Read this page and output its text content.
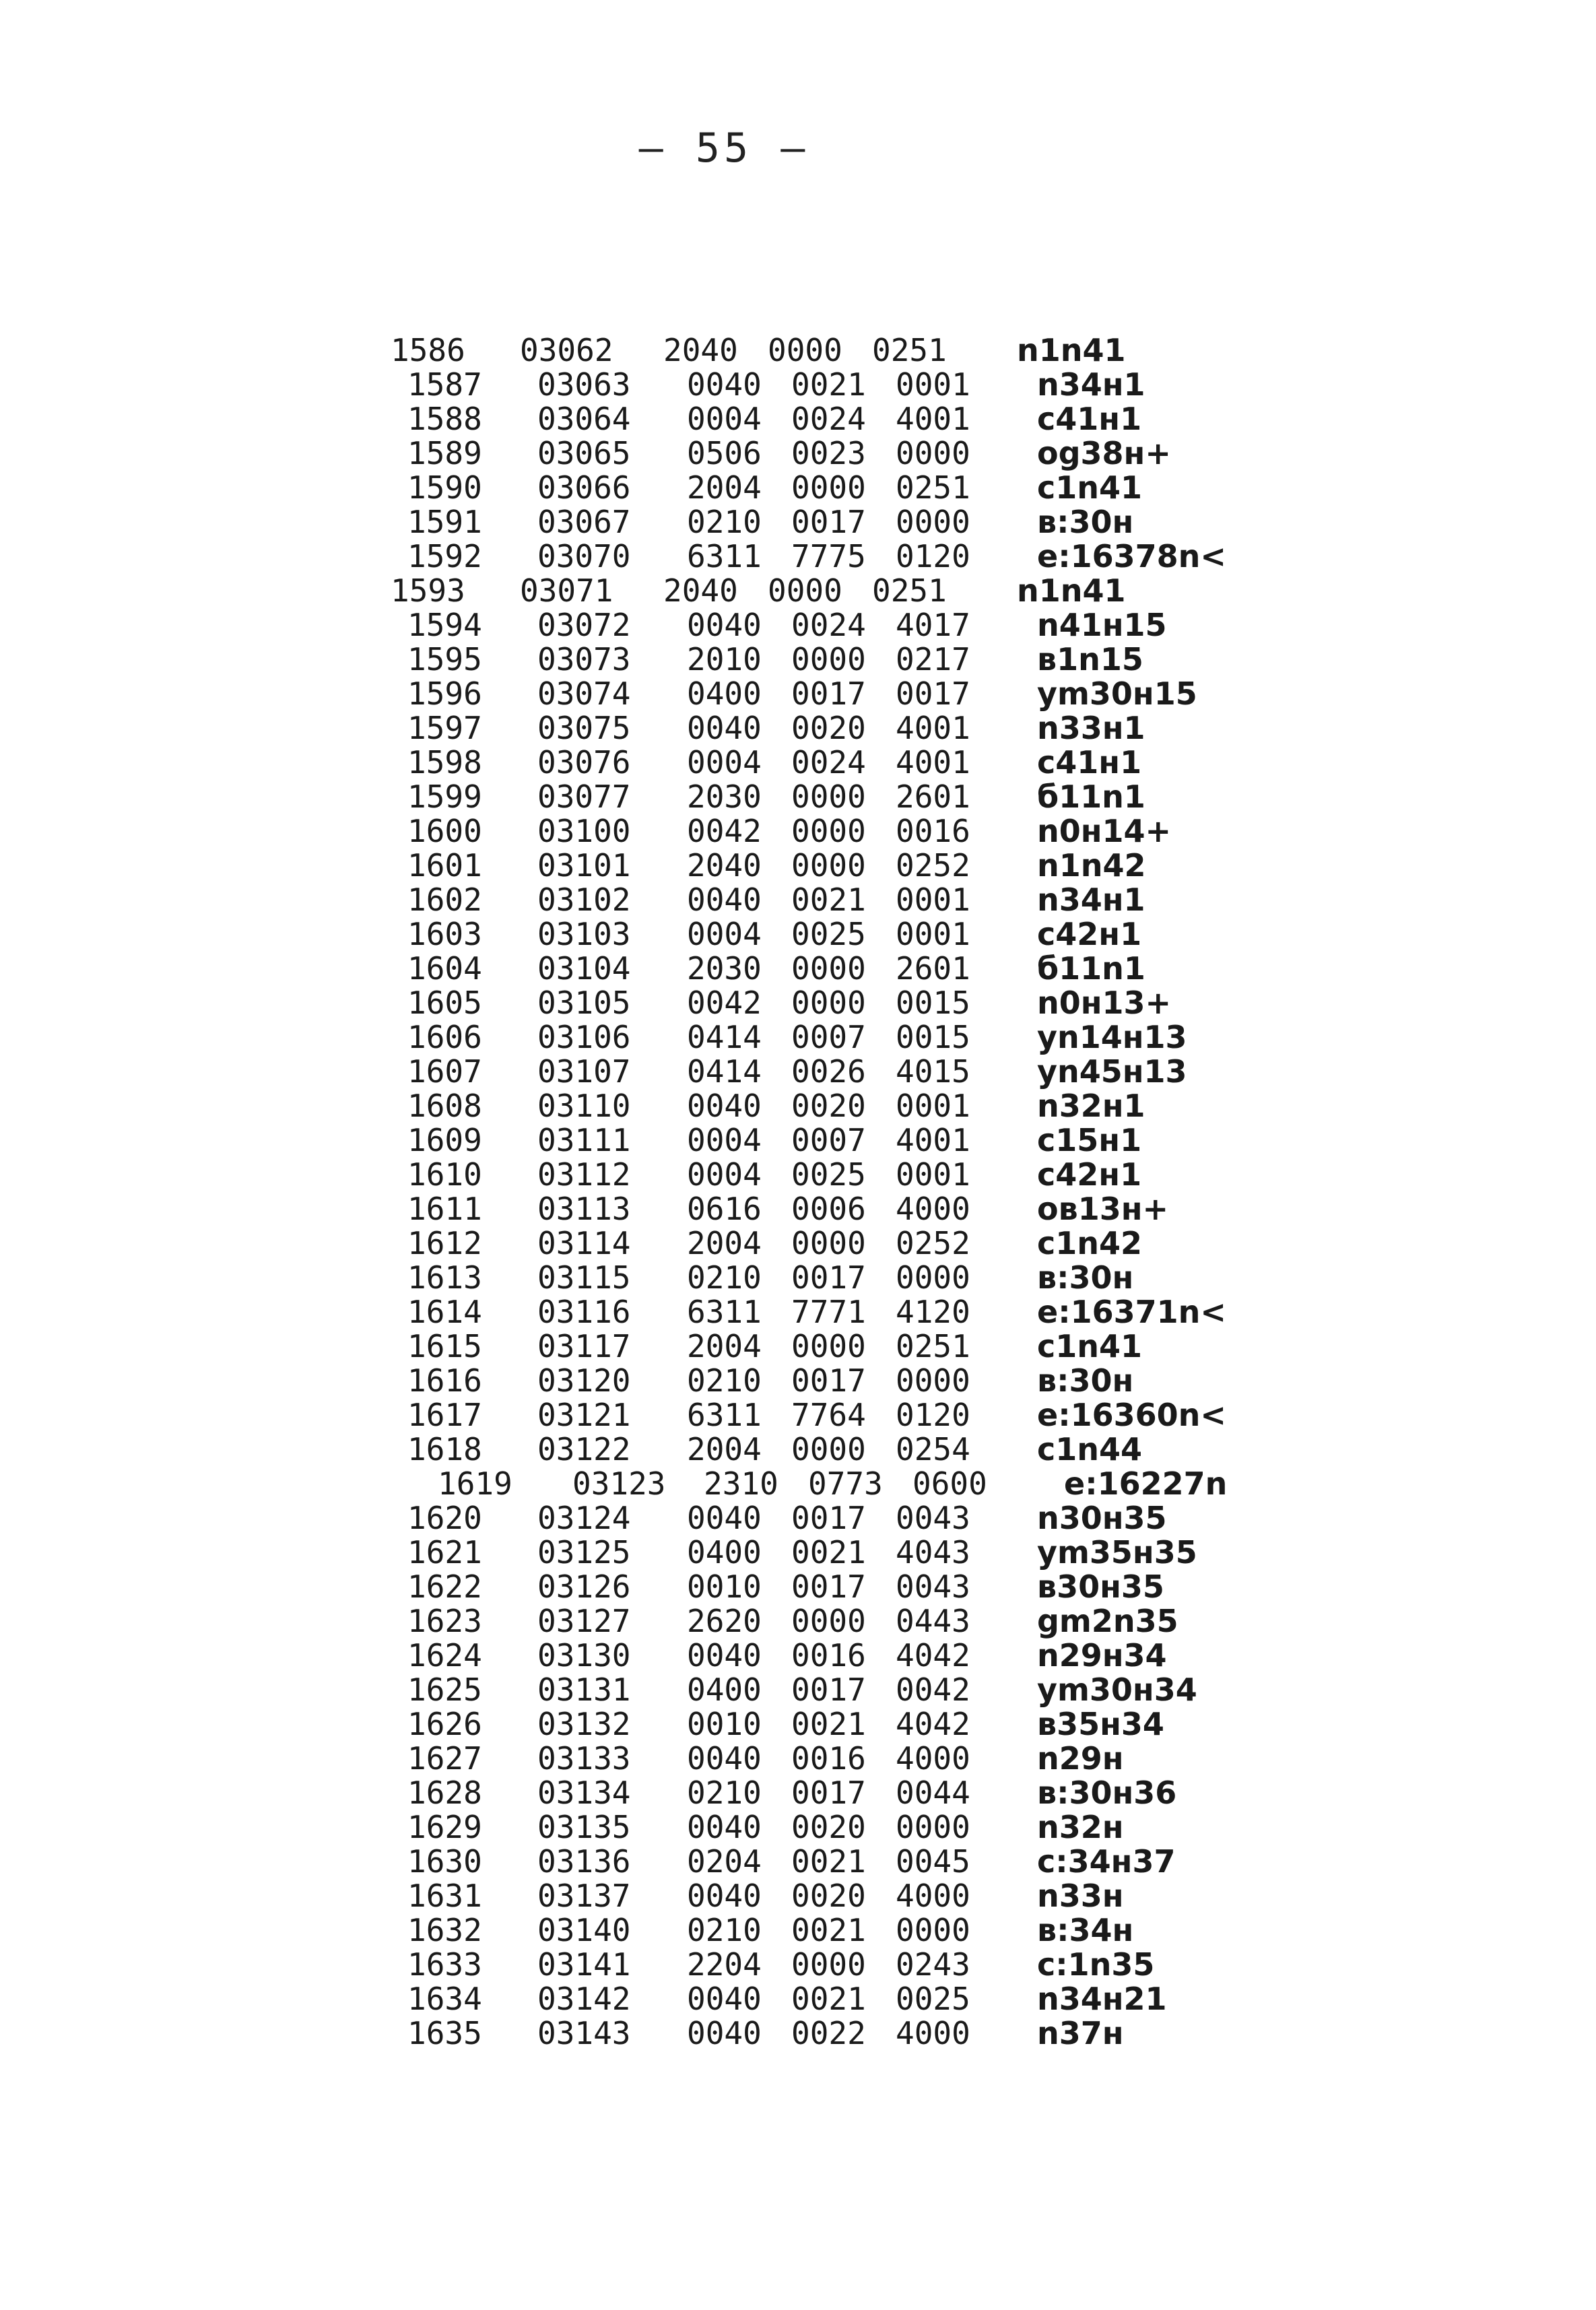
– 55 –
1586 03062 2040 0000 0251 n1n41
1587 03063 0040 0021 0001 n34н1
1588 03064 0004 0024 4001 c41н1
1589 03065 0506 0023 0000 og38н+
1590 03066 2004 0000 0251 c1n41
1591 03067 0210 0017 0000 в:30н
1592 03070 6311 7775 0120 e:16378n<
1593 03071 2040 0000 0251 n1n41
1594 03072 0040 0024 4017 n41н15
1595 03073 2010 0000 0217 в1n15
1596 03074 0400 0017 0017 ym30н15
1597 03075 0040 0020 4001 n33н1
1598 03076 0004 0024 4001 c41н1
1599 03077 2030 0000 2601 б11n1
1600 03100 0042 0000 0016 n0н14+
1601 03101 2040 0000 0252 n1n42
1602 03102 0040 0021 0001 n34н1
1603 03103 0004 0025 0001 c42н1
1604 03104 2030 0000 2601 б11n1
1605 03105 0042 0000 0015 n0н13+
1606 03106 0414 0007 0015 yn14н13
1607 03107 0414 0026 4015 yn45н13
1608 03110 0040 0020 0001 n32н1
1609 03111 0004 0007 4001 c15н1
1610 03112 0004 0025 0001 c42н1
1611 03113 0616 0006 4000 oв13н+
1612 03114 2004 0000 0252 c1n42
1613 03115 0210 0017 0000 в:30н
1614 03116 6311 7771 4120 e:16371n<
1615 03117 2004 0000 0251 c1n41
1616 03120 0210 0017 0000 в:30н
1617 03121 6311 7764 0120 e:16360n<
1618 03122 2004 0000 0254 c1n44
1619 03123 2310 0773 0600 e:16227n
1620 03124 0040 0017 0043 n30н35
1621 03125 0400 0021 4043 ym35н35
1622 03126 0010 0017 0043 в30н35
1623 03127 2620 0000 0443 gm2n35
1624 03130 0040 0016 4042 n29н34
1625 03131 0400 0017 0042 ym30н34
1626 03132 0010 0021 4042 в35н34
1627 03133 0040 0016 4000 n29н
1628 03134 0210 0017 0044 в:30н36
1629 03135 0040 0020 0000 n32н
1630 03136 0204 0021 0045 c:34н37
1631 03137 0040 0020 4000 n33н
1632 03140 0210 0021 0000 в:34н
1633 03141 2204 0000 0243 c:1n35
1634 03142 0040 0021 0025 n34н21
1635 03143 0040 0022 4000 n37н
